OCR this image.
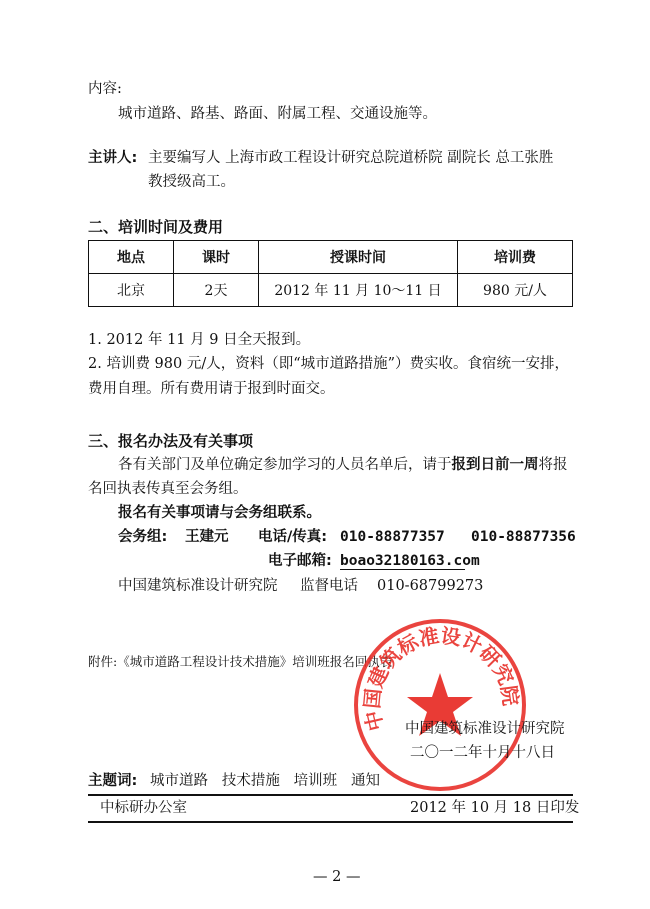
内容:
城市道路、路基、路面、附属工程、交通设施等。
主讲人: 主要编写人 上海市政工程设计研究总院道桥院 副院长 总工张胜
教授级高工。
二、培训时间及费用
地点	课时	授课时间	培训费
北京	2天	2012 年 11 月 10～11 日	980 元/人
1. 2012 年 11 月 9 日全天报到。
2. 培训费 980 元/人，资料（即“城市道路措施”）费实收。食宿统一安排，
费用自理。所有费用请于报到时面交。
三、报名办法及有关事项
各有关部门及单位确定参加学习的人员名单后，请于报到日前一周将报
名回执表传真至会务组。
报名有关事项请与会务组联系。
会务组: 王建元 电话/传真: 010-88877357 010-88877356
电子邮箱: boao32180163.com
中国建筑标准设计研究院 监督电话 010-68799273
附件:《城市道路工程设计技术措施》培训班报名回执表
中国建筑标准设计研究院
中国建筑标准设计研究院
二〇一二年十月十八日
主题词: 城市道路   技术措施   培训班   通知
中标研办公室	2012 年 10 月 18 日印发
— 2 —
